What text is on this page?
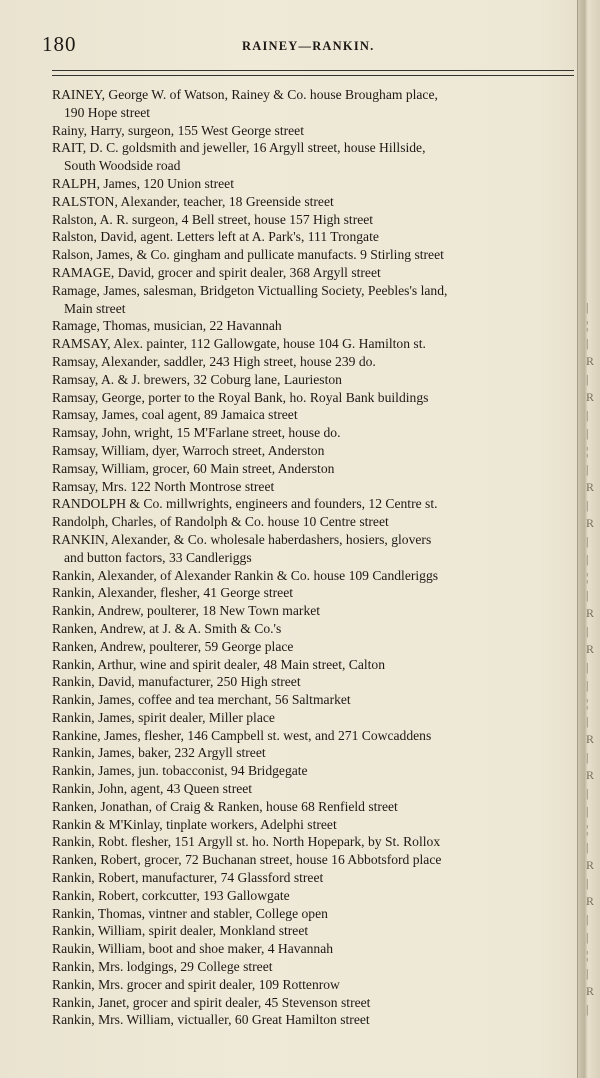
180	RAINEY—RANKIN.
RAINEY, George W. of Watson, Rainey & Co. house Brougham place,
190 Hope street
Rainy, Harry, surgeon, 155 West George street
RAIT, D. C. goldsmith and jeweller, 16 Argyll street, house Hillside,
South Woodside road
RALPH, James, 120 Union street
RALSTON, Alexander, teacher, 18 Greenside street
Ralston, A. R. surgeon, 4 Bell street, house 157 High street
Ralston, David, agent. Letters left at A. Park's, 111 Trongate
Ralson, James, & Co. gingham and pullicate manufacts. 9 Stirling street
RAMAGE, David, grocer and spirit dealer, 368 Argyll street
Ramage, James, salesman, Bridgeton Victualling Society, Peebles's land,
Main street
Ramage, Thomas, musician, 22 Havannah
RAMSAY, Alex. painter, 112 Gallowgate, house 104 G. Hamilton st.
Ramsay, Alexander, saddler, 243 High street, house 239 do.
Ramsay, A. & J. brewers, 32 Coburg lane, Laurieston
Ramsay, George, porter to the Royal Bank, ho. Royal Bank buildings
Ramsay, James, coal agent, 89 Jamaica street
Ramsay, John, wright, 15 M'Farlane street, house do.
Ramsay, William, dyer, Warroch street, Anderston
Ramsay, William, grocer, 60 Main street, Anderston
Ramsay, Mrs. 122 North Montrose street
RANDOLPH & Co. millwrights, engineers and founders, 12 Centre st.
Randolph, Charles, of Randolph & Co. house 10 Centre street
RANKIN, Alexander, & Co. wholesale haberdashers, hosiers, glovers
and button factors, 33 Candleriggs
Rankin, Alexander, of Alexander Rankin & Co. house 109 Candleriggs
Rankin, Alexander, flesher, 41 George street
Rankin, Andrew, poulterer, 18 New Town market
Ranken, Andrew, at J. & A. Smith & Co.'s
Ranken, Andrew, poulterer, 59 George place
Rankin, Arthur, wine and spirit dealer, 48 Main street, Calton
Rankin, David, manufacturer, 250 High street
Rankin, James, coffee and tea merchant, 56 Saltmarket
Rankin, James, spirit dealer, Miller place
Rankine, James, flesher, 146 Campbell st. west, and 271 Cowcaddens
Rankin, James, baker, 232 Argyll street
Rankin, James, jun. tobacconist, 94 Bridgegate
Rankin, John, agent, 43 Queen street
Ranken, Jonathan, of Craig & Ranken, house 68 Renfield street
Rankin & M'Kinlay, tinplate workers, Adelphi street
Rankin, Robt. flesher, 151 Argyll st. ho. North Hopepark, by St. Rollox
Ranken, Robert, grocer, 72 Buchanan street, house 16 Abbotsford place
Rankin, Robert, manufacturer, 74 Glassford street
Rankin, Robert, corkcutter, 193 Gallowgate
Rankin, Thomas, vintner and stabler, College open
Rankin, William, spirit dealer, Monkland street
Raukin, William, boot and shoe maker, 4 Havannah
Rankin, Mrs. lodgings, 29 College street
Rankin, Mrs. grocer and spirit dealer, 109 Rottenrow
Rankin, Janet, grocer and spirit dealer, 45 Stevenson street
Rankin, Mrs. William, victualler, 60 Great Hamilton street
|
¦
|
R
|
R
|
|
¦
|
R
|
R
|
|
¦
|
R
|
R
|
|
¦
|
R
|
R
|
|
¦
|
R
|
R
|
|
¦
|
R
|
